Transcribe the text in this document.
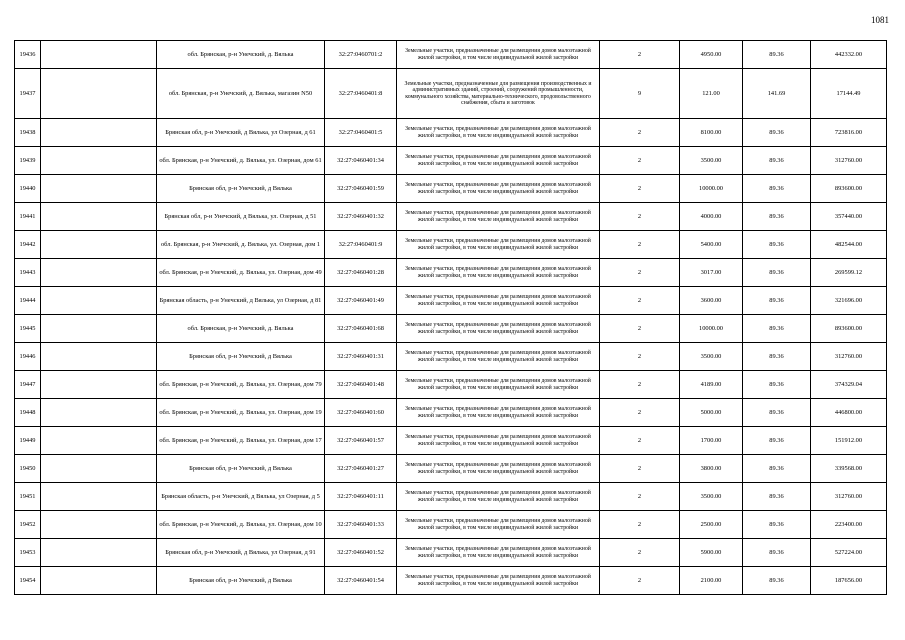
1081
19436		обл. Брянская, р-н Унечский, д. Вялька	32:27:0460701:2	Земельные участки, предназначенные для размещения домов малоэтажной жилой застройки, в том числе индивидуальной жилой застройки	2	4950.00	89.36	442332.00
19437		обл. Брянская, р-н Унечский, д. Вялька, магазин N50	32:27:0460401:8	Земельные участки, предназначенные для размещения производственных и административных зданий, строений, сооружений промышленности, коммунального хозяйства, материально-технического, продовольственного снабжения, сбыта и заготовок	9	121.00	141.69	17144.49
19438		Брянская обл, р-н Унечский, д Вялька, ул Озерная, д 61	32:27:0460401:5	Земельные участки, предназначенные для размещения домов малоэтажной жилой застройки, в том числе индивидуальной жилой застройки	2	8100.00	89.36	723816.00
19439		обл. Брянская, р-н Унечский, д. Вялька, ул. Озерная, дом 61	32:27:0460401:34	Земельные участки, предназначенные для размещения домов малоэтажной жилой застройки, в том числе индивидуальной жилой застройки	2	3500.00	89.36	312760.00
19440		Брянская обл, р-н Унечский, д Вялька	32:27:0460401:59	Земельные участки, предназначенные для размещения домов малоэтажной жилой застройки, в том числе индивидуальной жилой застройки	2	10000.00	89.36	893600.00
19441		Брянская обл, р-н Унечский, д Вялька, ул. Озерная, д 51	32:27:0460401:32	Земельные участки, предназначенные для размещения домов малоэтажной жилой застройки, в том числе индивидуальной жилой застройки	2	4000.00	89.36	357440.00
19442		обл. Брянская, р-н Унечский, д. Вялька, ул. Озерная, дом 1	32:27:0460401:9	Земельные участки, предназначенные для размещения домов малоэтажной жилой застройки, в том числе индивидуальной жилой застройки	2	5400.00	89.36	482544.00
19443		обл. Брянская, р-н Унечский, д. Вялька, ул. Озерная, дом 49	32:27:0460401:28	Земельные участки, предназначенные для размещения домов малоэтажной жилой застройки, в том числе индивидуальной жилой застройки	2	3017.00	89.36	269599.12
19444		Брянская область, р-н Унечский, д Вялька, ул Озерная, д 81	32:27:0460401:49	Земельные участки, предназначенные для размещения домов малоэтажной жилой застройки, в том числе индивидуальной жилой застройки	2	3600.00	89.36	321696.00
19445		обл. Брянская, р-н Унечский, д. Вялька	32:27:0460401:68	Земельные участки, предназначенные для размещения домов малоэтажной жилой застройки, в том числе индивидуальной жилой застройки	2	10000.00	89.36	893600.00
19446		Брянская обл, р-н Унечский, д Вялька	32:27:0460401:31	Земельные участки, предназначенные для размещения домов малоэтажной жилой застройки, в том числе индивидуальной жилой застройки	2	3500.00	89.36	312760.00
19447		обл. Брянская, р-н Унечский, д. Вялька, ул. Озерная, дом 79	32:27:0460401:48	Земельные участки, предназначенные для размещения домов малоэтажной жилой застройки, в том числе индивидуальной жилой застройки	2	4189.00	89.36	374329.04
19448		обл. Брянская, р-н Унечский, д. Вялька, ул. Озерная, дом 19	32:27:0460401:60	Земельные участки, предназначенные для размещения домов малоэтажной жилой застройки, в том числе индивидуальной жилой застройки	2	5000.00	89.36	446800.00
19449		обл. Брянская, р-н Унечский, д. Вялька, ул. Озерная, дом 17	32:27:0460401:57	Земельные участки, предназначенные для размещения домов малоэтажной жилой застройки, в том числе индивидуальной жилой застройки	2	1700.00	89.36	151912.00
19450		Брянская обл, р-н Унечский, д Вялька	32:27:0460401:27	Земельные участки, предназначенные для размещения домов малоэтажной жилой застройки, в том числе индивидуальной жилой застройки	2	3800.00	89.36	339568.00
19451		Брянская область, р-н Унечский, д Вялька, ул Озерная, д 5	32:27:0460401:11	Земельные участки, предназначенные для размещения домов малоэтажной жилой застройки, в том числе индивидуальной жилой застройки	2	3500.00	89.36	312760.00
19452		обл. Брянская, р-н Унечский, д. Вялька, ул. Озерная, дом 10	32:27:0460401:33	Земельные участки, предназначенные для размещения домов малоэтажной жилой застройки, в том числе индивидуальной жилой застройки	2	2500.00	89.36	223400.00
19453		Брянская обл, р-н Унечский, д Вялька, ул Озерная, д 91	32:27:0460401:52	Земельные участки, предназначенные для размещения домов малоэтажной жилой застройки, в том числе индивидуальной жилой застройки	2	5900.00	89.36	527224.00
19454		Брянская обл, р-н Унечский, д Вялька	32:27:0460401:54	Земельные участки, предназначенные для размещения домов малоэтажной жилой застройки, в том числе индивидуальной жилой застройки	2	2100.00	89.36	187656.00
